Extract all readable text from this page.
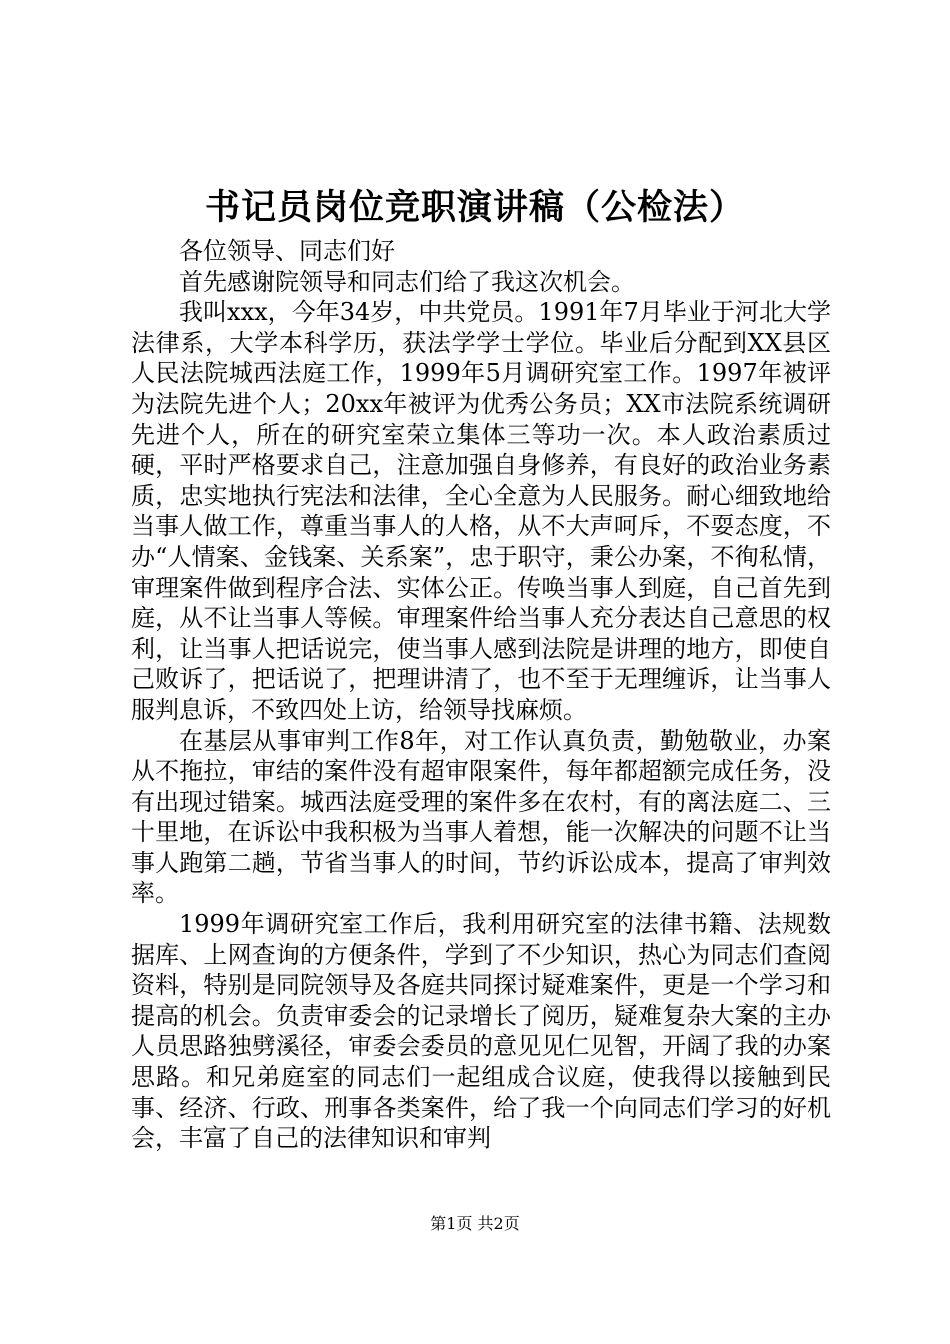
书记员岗位竞职演讲稿（公检法）

各位领导、同志们好

首先感谢院领导和同志们给了我这次机会。

我叫xxx，今年34岁，中共党员。1991年7月毕业于河北大学法律系，大学本科学历，获法学学士学位。毕业后分配到XX县区人民法院城西法庭工作，1999年5月调研究室工作。1997年被评为法院先进个人；20xx年被评为优秀公务员；XX市法院系统调研先进个人，所在的研究室荣立集体三等功一次。本人政治素质过硬，平时严格要求自己，注意加强自身修养，有良好的政治业务素质，忠实地执行宪法和法律，全心全意为人民服务。耐心细致地给当事人做工作，尊重当事人的人格，从不大声呵斥，不耍态度，不办“人情案、金钱案、关系案”，忠于职守，秉公办案，不徇私情，审理案件做到程序合法、实体公正。传唤当事人到庭，自己首先到庭，从不让当事人等候。审理案件给当事人充分表达自己意思的权利，让当事人把话说完，使当事人感到法院是讲理的地方，即使自己败诉了，把话说了，把理讲清了，也不至于无理缠诉，让当事人服判息诉，不致四处上访，给领导找麻烦。

在基层从事审判工作8年，对工作认真负责，勤勉敬业，办案从不拖拉，审结的案件没有超审限案件，每年都超额完成任务，没有出现过错案。城西法庭受理的案件多在农村，有的离法庭二、三十里地，在诉讼中我积极为当事人着想，能一次解决的问题不让当事人跑第二趟，节省当事人的时间，节约诉讼成本，提高了审判效率。

1999年调研究室工作后，我利用研究室的法律书籍、法规数据库、上网查询的方便条件，学到了不少知识，热心为同志们查阅资料，特别是同院领导及各庭共同探讨疑难案件，更是一个学习和提高的机会。负责审委会的记录增长了阅历，疑难复杂大案的主办人员思路独劈溪径，审委会委员的意见见仁见智，开阔了我的办案思路。和兄弟庭室的同志们一起组成合议庭，使我得以接触到民事、经济、行政、刑事各类案件，给了我一个向同志们学习的好机会，丰富了自己的法律知识和审判

第1页 共2页
